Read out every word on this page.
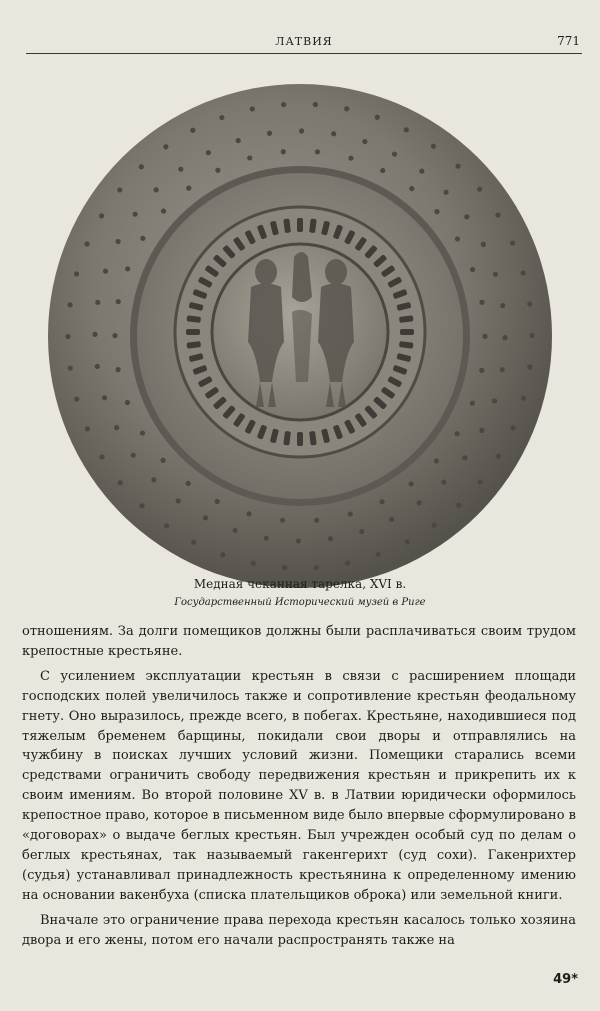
ЛАТВИЯ	771
Медная чеканная тарелка, XVI в.
Государственный Исторический музей в Риге

отношениям. За долги помещиков должны были расплачиваться своим трудом крепостные крестьяне.

С усилением эксплуатации крестьян в связи с расширением площади господских полей увеличилось также и сопротивление крестьян феодальному гнету. Оно выразилось, прежде всего, в побегах. Крестьяне, находившиеся под тяжелым бременем барщины, покидали свои дворы и отправлялись на чужбину в поисках лучших условий жизни. Помещики старались всеми средствами ограничить свободу передвижения крестьян и прикрепить их к своим имениям. Во второй половине XV в. в Латвии юридически оформилось крепостное право, которое в письменном виде было впервые сформулировано в «договорах» о выдаче беглых крестьян. Был учрежден особый суд по делам о беглых крестьянах, так называемый гакенгерихт (суд сохи). Гакенрихтер (судья) устанавливал принадлежность крестьянина к определенному имению на основании вакенбуха (списка плательщиков оброка) или земельной книги.

Вначале это ограничение права перехода крестьян касалось только хозяина двора и его жены, потом его начали распространять также на

49*
